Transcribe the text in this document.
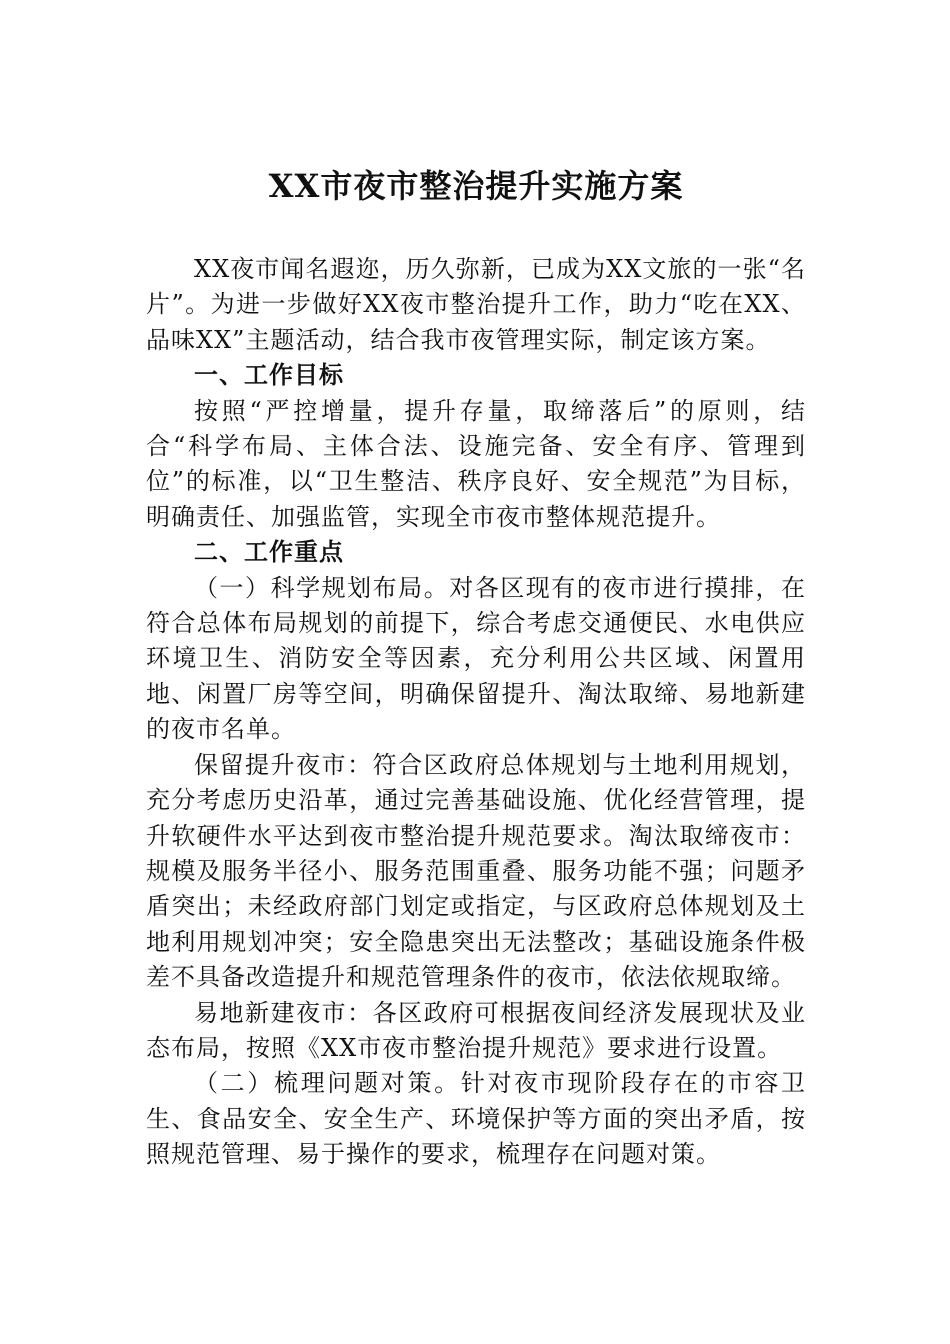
XX市夜市整治提升实施方案

XX夜市闻名遐迩，历久弥新，已成为XX文旅的一张“名片”。为进一步做好XX夜市整治提升工作，助力“吃在XX、品味XX”主题活动，结合我市夜管理实际，制定该方案。

一、工作目标

按照“严控增量，提升存量，取缔落后”的原则，结合“科学布局、主体合法、设施完备、安全有序、管理到位”的标准，以“卫生整洁、秩序良好、安全规范”为目标，明确责任、加强监管，实现全市夜市整体规范提升。

二、工作重点

（一）科学规划布局。对各区现有的夜市进行摸排，在符合总体布局规划的前提下，综合考虑交通便民、水电供应环境卫生、消防安全等因素，充分利用公共区域、闲置用地、闲置厂房等空间，明确保留提升、淘汰取缔、易地新建的夜市名单。

保留提升夜市：符合区政府总体规划与土地利用规划，充分考虑历史沿革，通过完善基础设施、优化经营管理，提升软硬件水平达到夜市整治提升规范要求。淘汰取缔夜市：规模及服务半径小、服务范围重叠、服务功能不强；问题矛盾突出；未经政府部门划定或指定，与区政府总体规划及土地利用规划冲突；安全隐患突出无法整改；基础设施条件极差不具备改造提升和规范管理条件的夜市，依法依规取缔。

易地新建夜市：各区政府可根据夜间经济发展现状及业态布局，按照《XX市夜市整治提升规范》要求进行设置。

（二）梳理问题对策。针对夜市现阶段存在的市容卫生、食品安全、安全生产、环境保护等方面的突出矛盾，按照规范管理、易于操作的要求，梳理存在问题对策。
